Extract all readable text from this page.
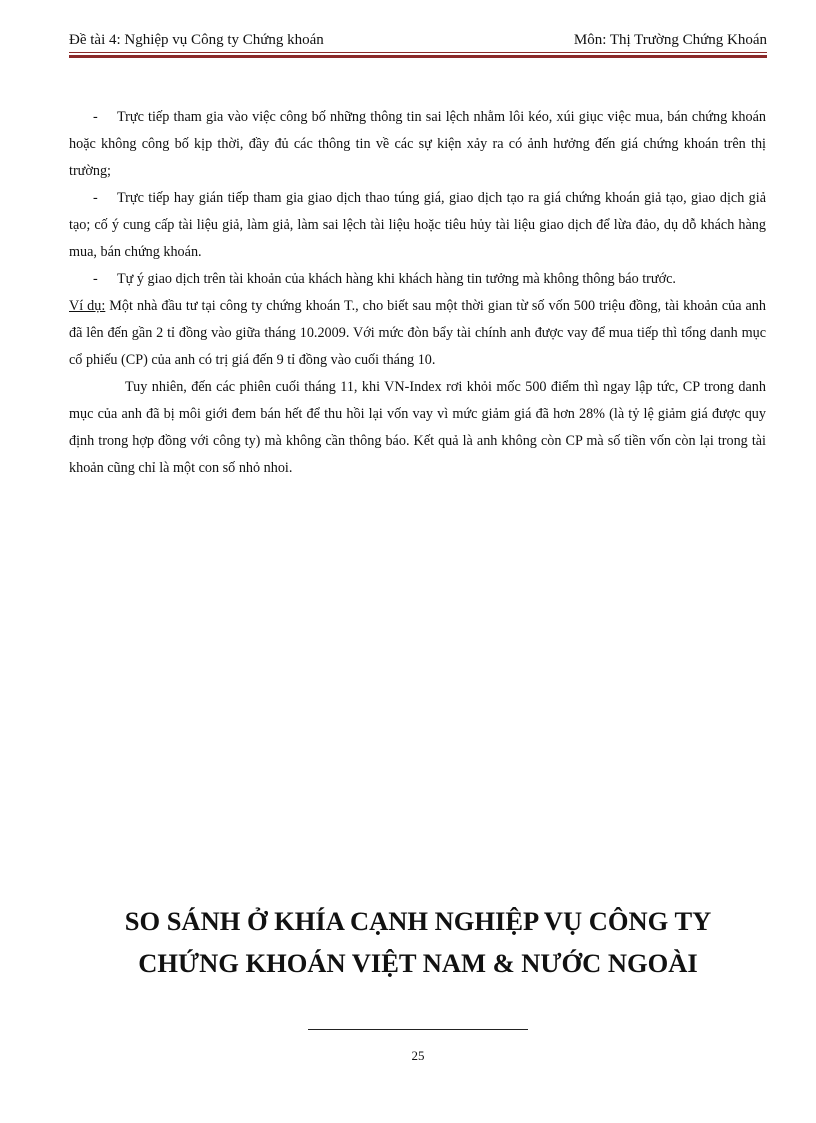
Đề tài 4: Nghiệp vụ Công ty Chứng khoán	Môn: Thị Trường Chứng Khoán

- Trực tiếp tham gia vào việc công bố những thông tin sai lệch nhằm lôi kéo, xúi giục việc mua, bán chứng khoán hoặc không công bố kịp thời, đầy đủ các thông tin về các sự kiện xảy ra có ảnh hưởng đến giá chứng khoán trên thị trường;

- Trực tiếp hay gián tiếp tham gia giao dịch thao túng giá, giao dịch tạo ra giá chứng khoán giả tạo, giao dịch giả tạo; cố ý cung cấp tài liệu giả, làm giả, làm sai lệch tài liệu hoặc tiêu hủy tài liệu giao dịch để lừa đảo, dụ dỗ khách hàng mua, bán chứng khoán.

- Tự ý giao dịch trên tài khoản của khách hàng khi khách hàng tin tưởng mà không thông báo trước.

Ví dụ: Một nhà đầu tư tại công ty chứng khoán T., cho biết sau một thời gian từ số vốn 500 triệu đồng, tài khoản của anh đã lên đến gần 2 tỉ đồng vào giữa tháng 10.2009. Với mức đòn bẩy tài chính anh được vay để mua tiếp thì tổng danh mục cổ phiếu (CP) của anh có trị giá đến 9 tỉ đồng vào cuối tháng 10.

Tuy nhiên, đến các phiên cuối tháng 11, khi VN-Index rơi khỏi mốc 500 điểm thì ngay lập tức, CP trong danh mục của anh đã bị môi giới đem bán hết để thu hồi lại vốn vay vì mức giảm giá đã hơn 28% (là tỷ lệ giảm giá được quy định trong hợp đồng với công ty) mà không cần thông báo. Kết quả là anh không còn CP mà số tiền vốn còn lại trong tài khoản cũng chỉ là một con số nhỏ nhoi.

SO SÁNH Ở KHÍA CẠNH NGHIỆP VỤ CÔNG TY
CHỨNG KHOÁN VIỆT NAM & NƯỚC NGOÀI
25
